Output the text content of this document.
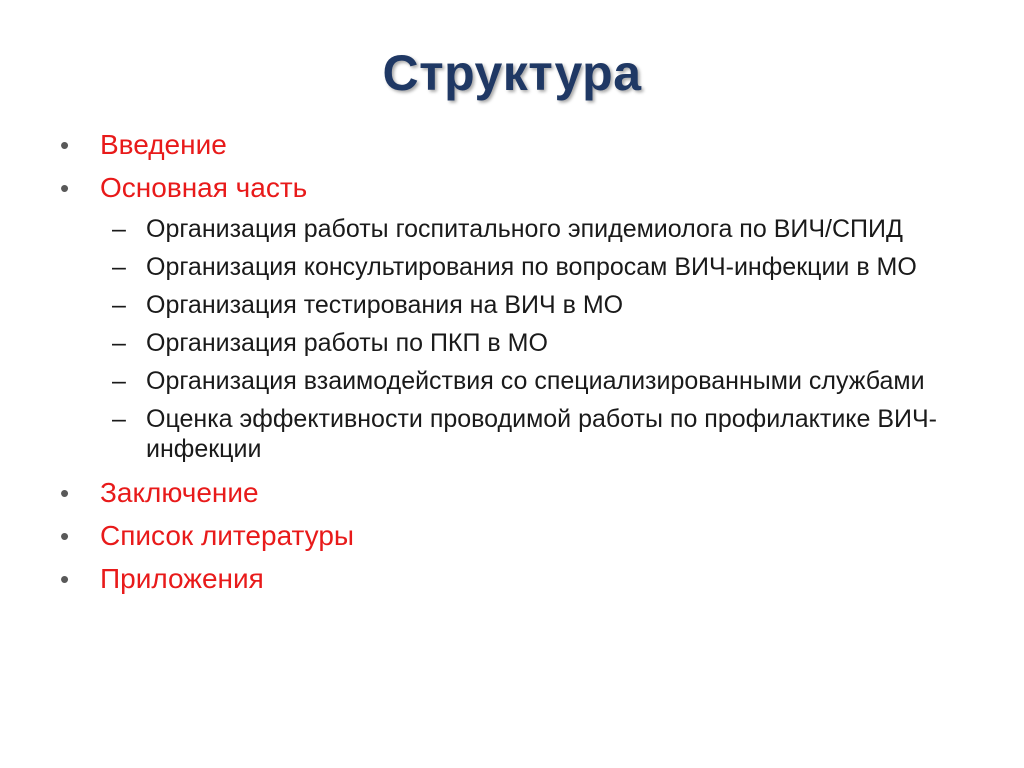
Структура
• Введение
• Основная часть
– Организация работы госпитального эпидемиолога по ВИЧ/СПИД
– Организация консультирования по вопросам ВИЧ-инфекции в МО
– Организация тестирования на ВИЧ в МО
– Организация работы по ПКП в МО
– Организация взаимодействия со специализированными службами
– Оценка эффективности проводимой работы по профилактике ВИЧ-инфекции
• Заключение
• Список литературы
• Приложения
